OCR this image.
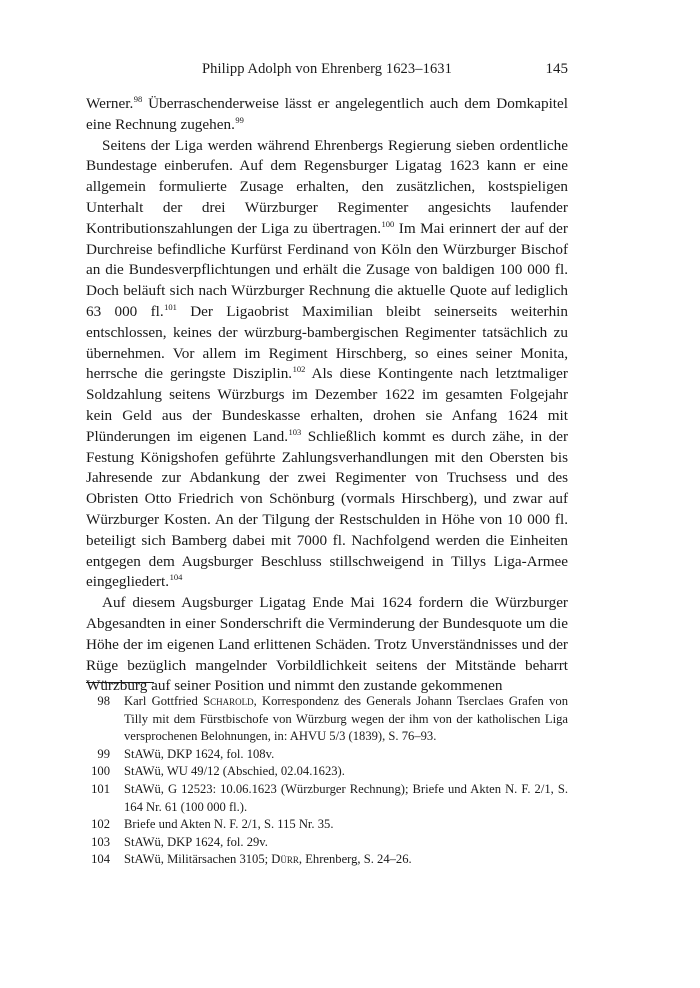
Philipp Adolph von Ehrenberg 1623–1631	145

Werner.$^{98}$ Überraschenderweise lässt er angelegentlich auch dem Domkapitel eine Rechnung zugehen.$^{99}$

Seitens der Liga werden während Ehrenbergs Regierung sieben ordentliche Bundestage einberufen. Auf dem Regensburger Ligatag 1623 kann er eine allgemein formulierte Zusage erhalten, den zusätzlichen, kostspieligen Unterhalt der drei Würzburger Regimenter angesichts laufender Kontributionszahlungen der Liga zu übertragen.$^{100}$ Im Mai erinnert der auf der Durchreise befindliche Kurfürst Ferdinand von Köln den Würzburger Bischof an die Bundesverpflichtungen und erhält die Zusage von baldigen 100 000 fl. Doch beläuft sich nach Würzburger Rechnung die aktuelle Quote auf lediglich 63 000 fl.$^{101}$ Der Ligaobrist Maximilian bleibt seinerseits weiterhin entschlossen, keines der würzburg-bambergischen Regimenter tatsächlich zu übernehmen. Vor allem im Regiment Hirschberg, so eines seiner Monita, herrsche die geringste Disziplin.$^{102}$ Als diese Kontingente nach letztmaliger Soldzahlung seitens Würzburgs im Dezember 1622 im gesamten Folgejahr kein Geld aus der Bundeskasse erhalten, drohen sie Anfang 1624 mit Plünderungen im eigenen Land.$^{103}$ Schließlich kommt es durch zähe, in der Festung Königshofen geführte Zahlungsverhandlungen mit den Obersten bis Jahresende zur Abdankung der zwei Regimenter von Truchsess und des Obristen Otto Friedrich von Schönburg (vormals Hirschberg), und zwar auf Würzburger Kosten. An der Tilgung der Restschulden in Höhe von 10 000 fl. beteiligt sich Bamberg dabei mit 7000 fl. Nachfolgend werden die Einheiten entgegen dem Augsburger Beschluss stillschweigend in Tillys Liga-Armee eingegliedert.$^{104}$

Auf diesem Augsburger Ligatag Ende Mai 1624 fordern die Würzburger Abgesandten in einer Sonderschrift die Verminderung der Bundesquote um die Höhe der im eigenen Land erlittenen Schäden. Trotz Unverständnisses und der Rüge bezüglich mangelnder Vorbildlichkeit seitens der Mitstände beharrt Würzburg auf seiner Position und nimmt den zustande gekommenen

98 Karl Gottfried Scharold, Korrespondenz des Generals Johann Tserclaes Grafen von Tilly mit dem Fürstbischofe von Würzburg wegen der ihm von der katholischen Liga versprochenen Belohnungen, in: AHVU 5/3 (1839), S. 76–93.
99 StAWü, DKP 1624, fol. 108v.
100 StAWü, WU 49/12 (Abschied, 02.04.1623).
101 StAWü, G 12523: 10.06.1623 (Würzburger Rechnung); Briefe und Akten N. F. 2/1, S. 164 Nr. 61 (100 000 fl.).
102 Briefe und Akten N. F. 2/1, S. 115 Nr. 35.
103 StAWü, DKP 1624, fol. 29v.
104 StAWü, Militärsachen 3105; Dürr, Ehrenberg, S. 24–26.
